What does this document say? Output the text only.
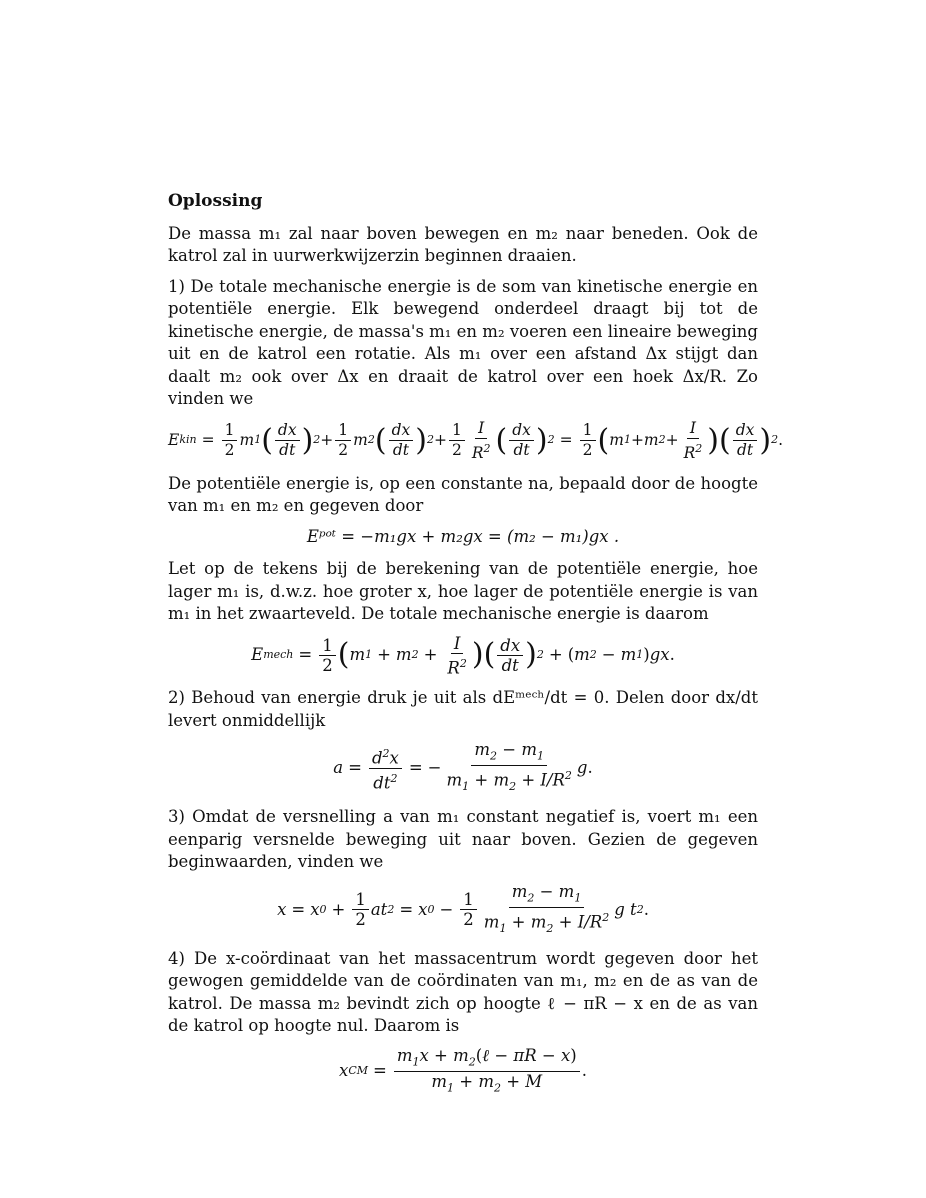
Oplossing

De massa m₁ zal naar boven bewegen en m₂ naar beneden. Ook de katrol zal in uurwerkwijzerzin beginnen draaien.

1) De totale mechanische energie is de som van kinetische energie en potentiële energie. Elk bewegend onderdeel draagt bij tot de kinetische energie, de massa's m₁ en m₂ voeren een lineaire beweging uit en de katrol een rotatie. Als m₁ over een afstand Δx stijgt dan daalt m₂ ook over Δx en draait de katrol over een hoek Δx/R. Zo vinden we

E kin = $\frac{1}{2}$ m 1 ( $\frac{dx}{dt}$ ) $2 + \frac{1}{2}$ m 2 ( $\frac{dx}{dt}$ ) $2 + \frac{1}{2} \frac{I}{R^2}$ ( $\frac{dx}{dt}$ ) $2 = \frac{1}{2}$ ( m 1 +m $2 + \frac{I}{R^2}$ ) ( $\frac{dx}{dt}$ ) 2 .

De potentiële energie is, op een constante na, bepaald door de hoogte van m₁ en m₂ en gegeven door

Eᵖᵒᵗ = −m₁gx + m₂gx = (m₂ − m₁)gx .

Let op de tekens bij de berekening van de potentiële energie, hoe lager m₁ is, d.w.z. hoe groter x, hoe lager de potentiële energie is van m₁ in het zwaarteveld. De totale mechanische energie is daarom

E mech = $\frac{1}{2}$ ( m 1 + m $2 + \frac{I}{R^2}$ ) ( $\frac{dx}{dt}$ ) 2 + ( m 2 − m 1 ) gx .

2) Behoud van energie druk je uit als dEᵐᵉᶜʰ/dt = 0. Delen door dx/dt levert onmiddellijk

$a = \frac{d^2x}{dt^2}$ = − $\frac{m_2 - m_1}{m_1 + m_2 + I/R^2}$ g .

3) Omdat de versnelling a van m₁ constant negatief is, voert m₁ een eenparig versnelde beweging uit naar boven. Gezien de gegeven beginwaarden, vinden we

x = x $0 + \frac{1}{2}$ at 2 = x $0 - \frac{1}{2} \frac{m_2 - m_1}{m_1 + m_2 + I/R^2}$ g t 2 .

4) De x-coördinaat van het massacentrum wordt gegeven door het gewogen gemiddelde van de coördinaten van m₁, m₂ en de as van de katrol. De massa m₂ bevindt zich op hoogte ℓ − πR − x en de as van de katrol op hoogte nul. Daarom is

x CM = $\frac{m_1x + m_2(\ell - \pi R - x)}{m_1 + m_2 + M}$ .
